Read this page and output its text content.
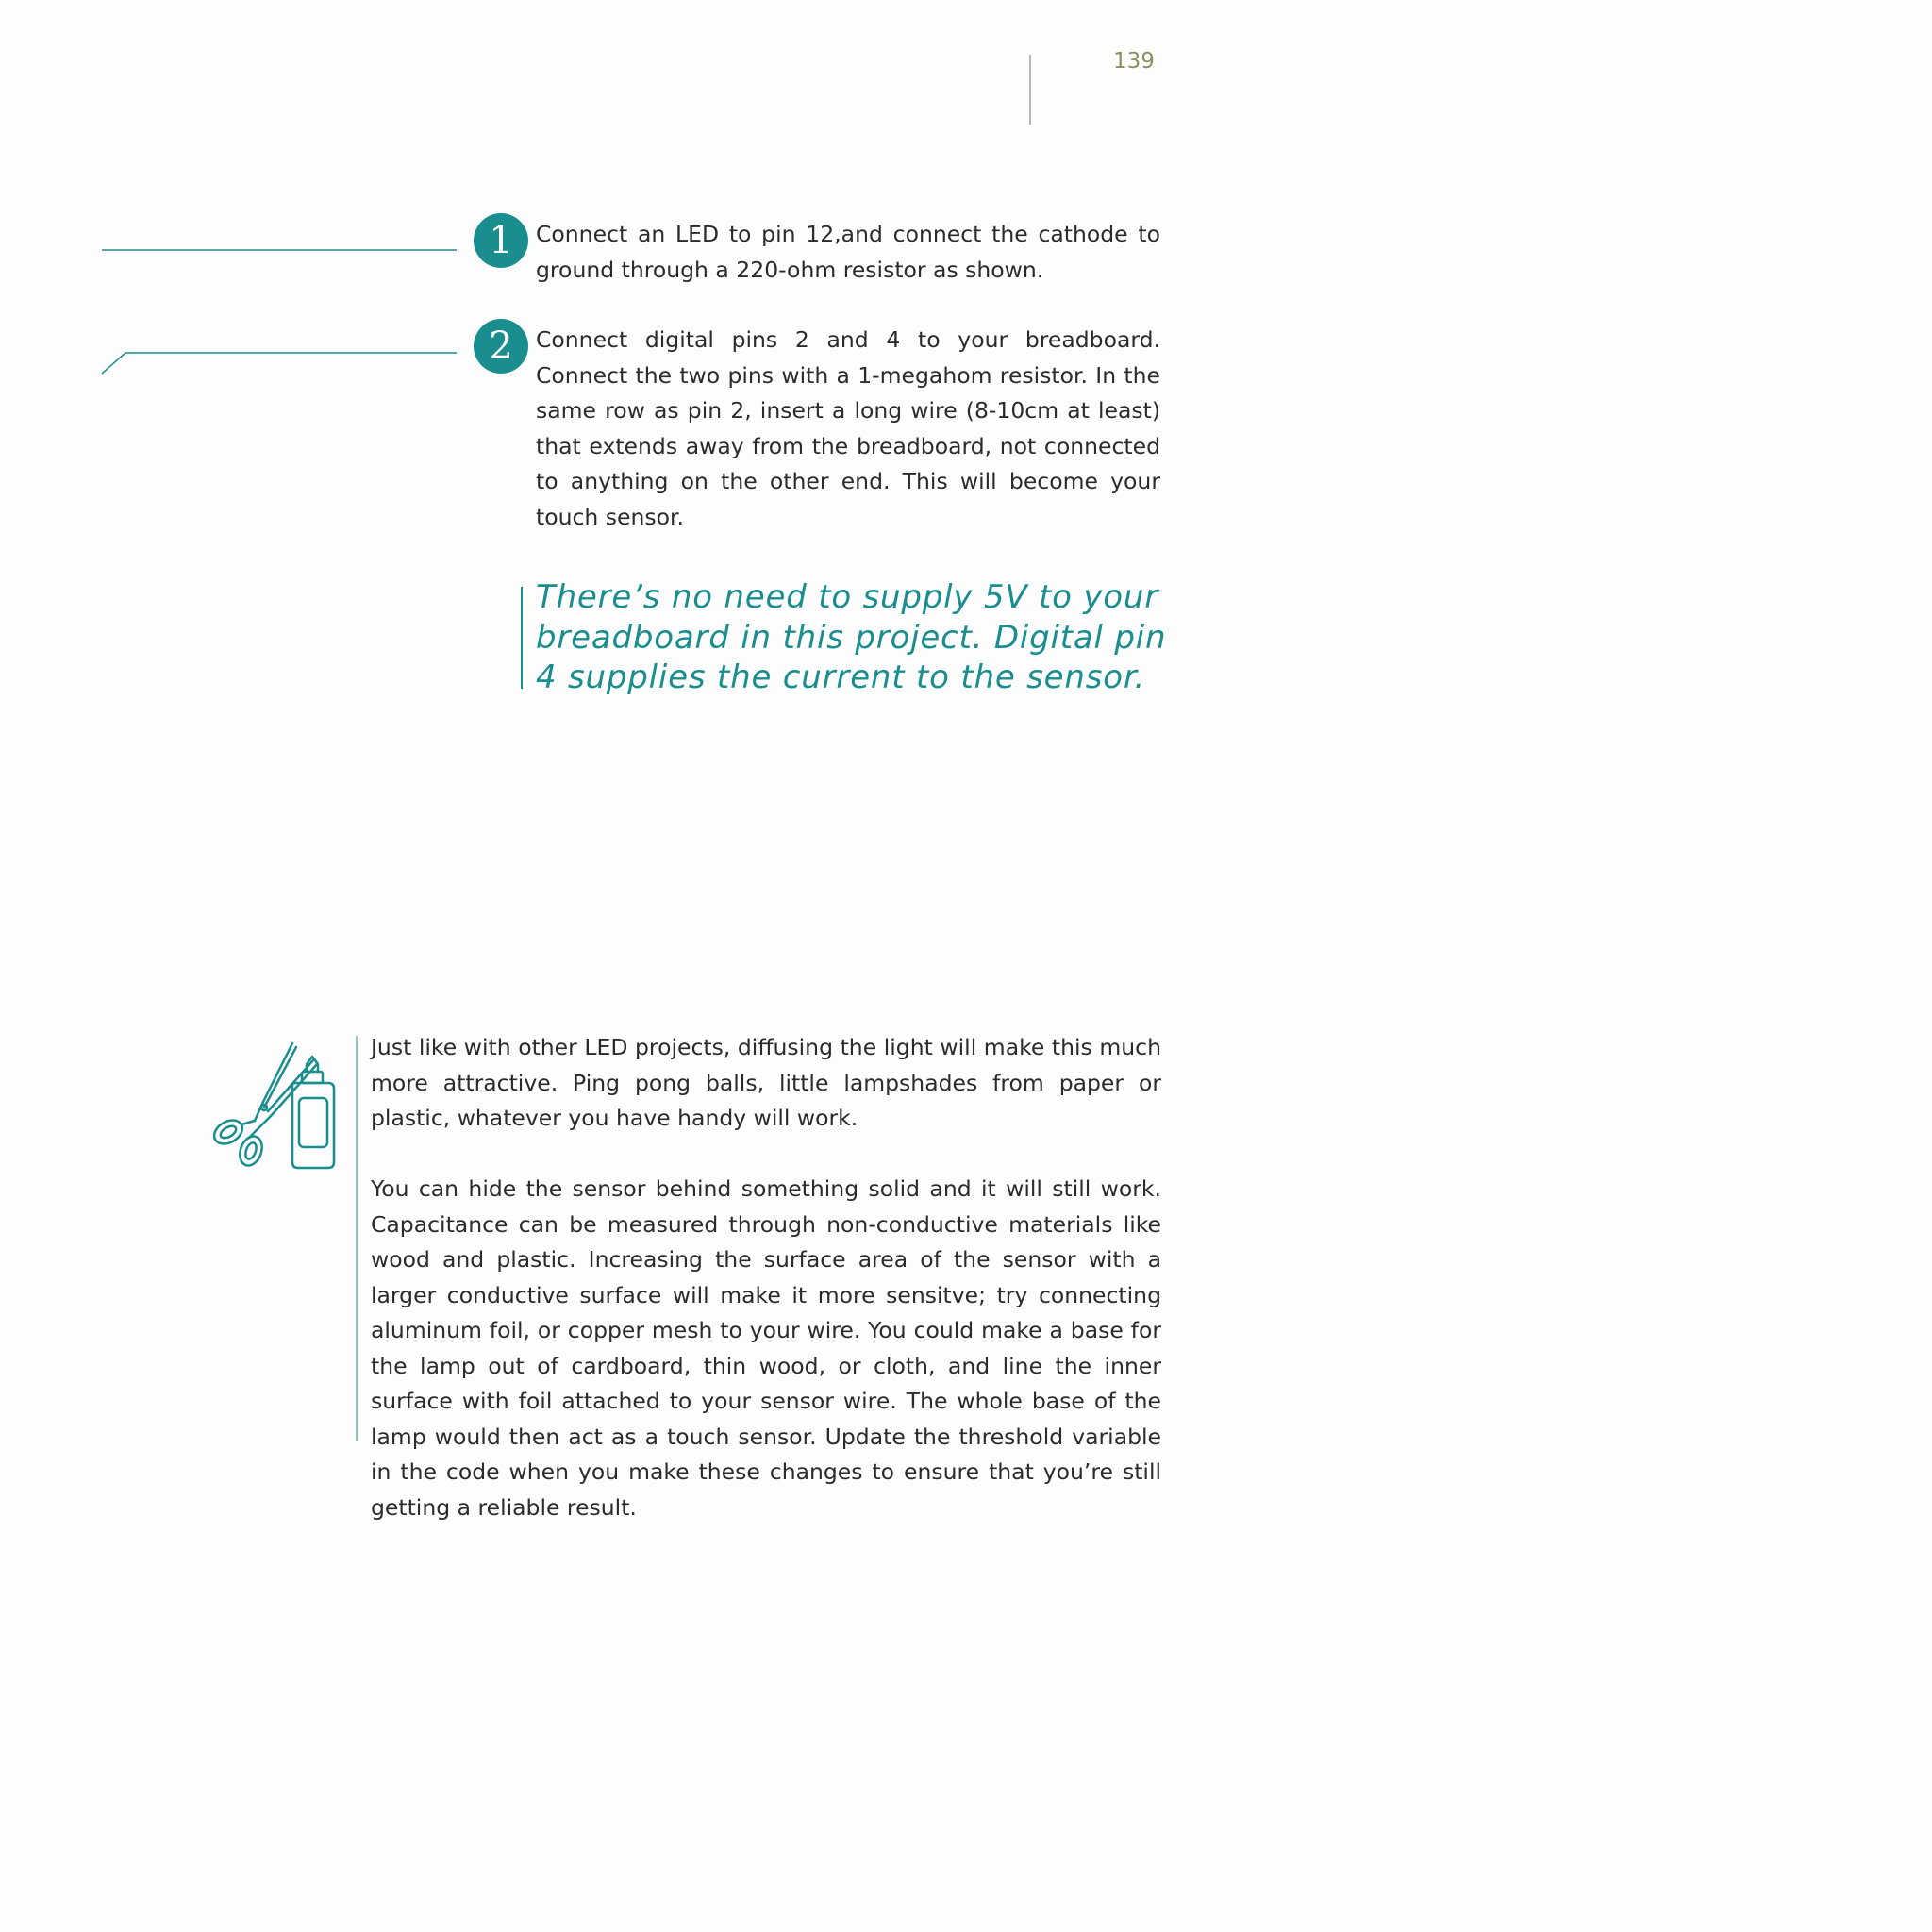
139
1	Connect an LED to pin 12,and connect the cathode to ground through a 220-ohm resistor as shown.
2	Connect digital pins 2 and 4 to your breadboard. Connect the two pins with a 1-megahom resistor. In the same row as pin 2, insert a long wire (8-10cm at least) that extends away from the breadboard, not connected to anything on the other end. This will become your touch sensor.
There’s no need to supply 5V to your breadboard in this project. Digital pin 4 supplies the current to the sensor.
Just like with other LED projects, diffusing the light will make this much more attractive. Ping pong balls, little lampshades from paper or plastic, whatever you have handy will work.
You can hide the sensor behind something solid and it will still work. Capacitance can be measured through non-conductive materials like wood and plastic. Increasing the surface area of the sensor with a larger conductive surface will make it more sensitve; try connecting aluminum foil, or copper mesh to your wire. You could make a base for the lamp out of cardboard, thin wood, or cloth, and line the inner surface with foil attached to your sensor wire. The whole base of the lamp would then act as a touch sensor. Update the threshold variable in the code when you make these changes to ensure that you’re still getting a reliable result.
